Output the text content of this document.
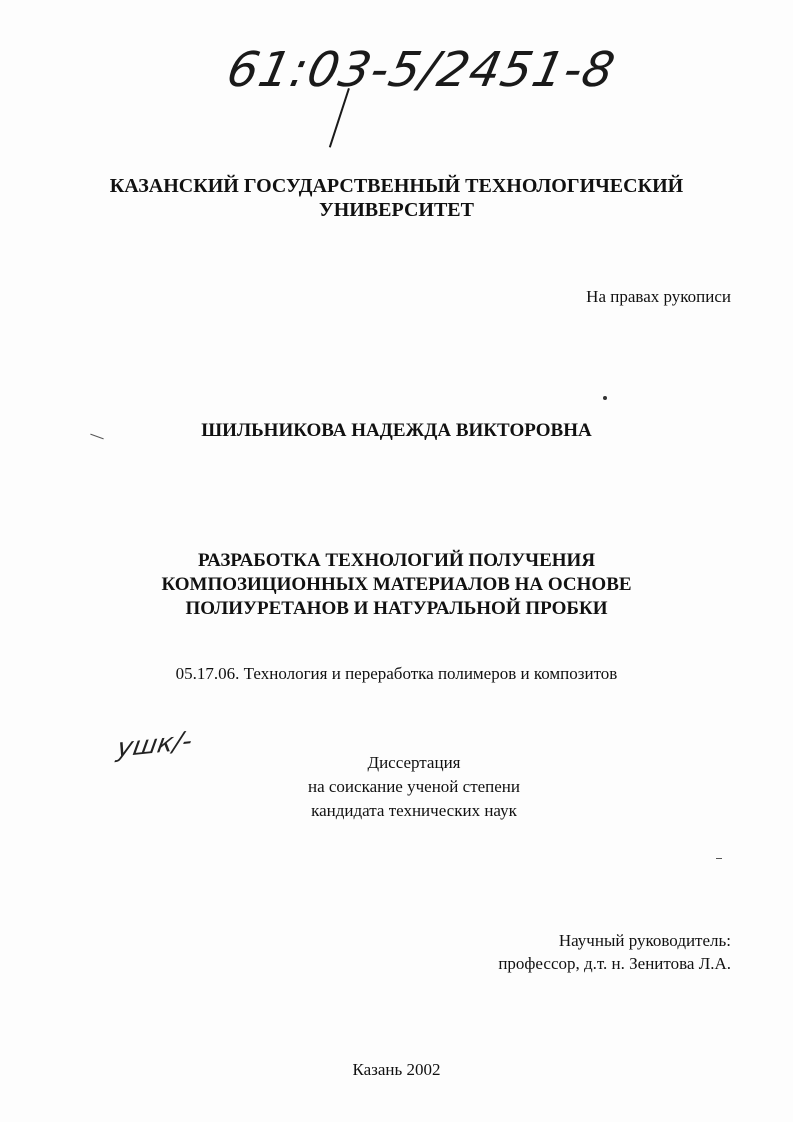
61:03-5/2451-8
КАЗАНСКИЙ ГОСУДАРСТВЕННЫЙ ТЕХНОЛОГИЧЕСКИЙ
УНИВЕРСИТЕТ
На правах рукописи
ШИЛЬНИКОВА НАДЕЖДА ВИКТОРОВНА
РАЗРАБОТКА ТЕХНОЛОГИЙ ПОЛУЧЕНИЯ
КОМПОЗИЦИОННЫХ МАТЕРИАЛОВ НА ОСНОВЕ
ПОЛИУРЕТАНОВ И НАТУРАЛЬНОЙ ПРОБКИ
05.17.06. Технология и переработка полимеров и композитов
ушк/-	Диссертация
на соискание ученой степени
кандидата технических наук
Научный руководитель:
профессор, д.т. н. Зенитова Л.А.
Казань 2002
